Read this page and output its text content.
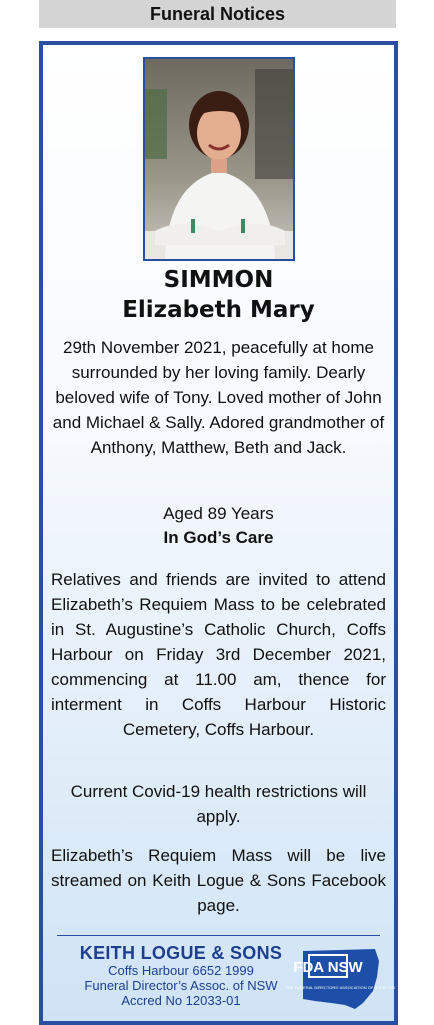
Funeral Notices
SIMMON
Elizabeth Mary
29th November 2021, peacefully at home surrounded by her loving family. Dearly beloved wife of Tony. Loved mother of John and Michael & Sally. Adored grandmother of Anthony, Matthew, Beth and Jack.
Aged 89 Years
In God’s Care
Relatives and friends are invited to attend Elizabeth’s Requiem Mass to be celebrated in St. Augustine’s Catholic Church, Coffs Harbour on Friday 3rd December 2021, commencing at 11.00 am, thence for interment in Coffs Harbour Historic Cemetery, Coffs Harbour.
Current Covid-19 health restrictions will apply.
Elizabeth’s Requiem Mass will be live streamed on Keith Logue & Sons Facebook page.
KEITH LOGUE & SONS
Coffs Harbour 6652 1999
Funeral Director’s Assoc. of NSW
Accred No 12033-01
FDA NSW
THE FUNERAL DIRECTORS' ASSOCIATION OF N.S.W. LTD.
